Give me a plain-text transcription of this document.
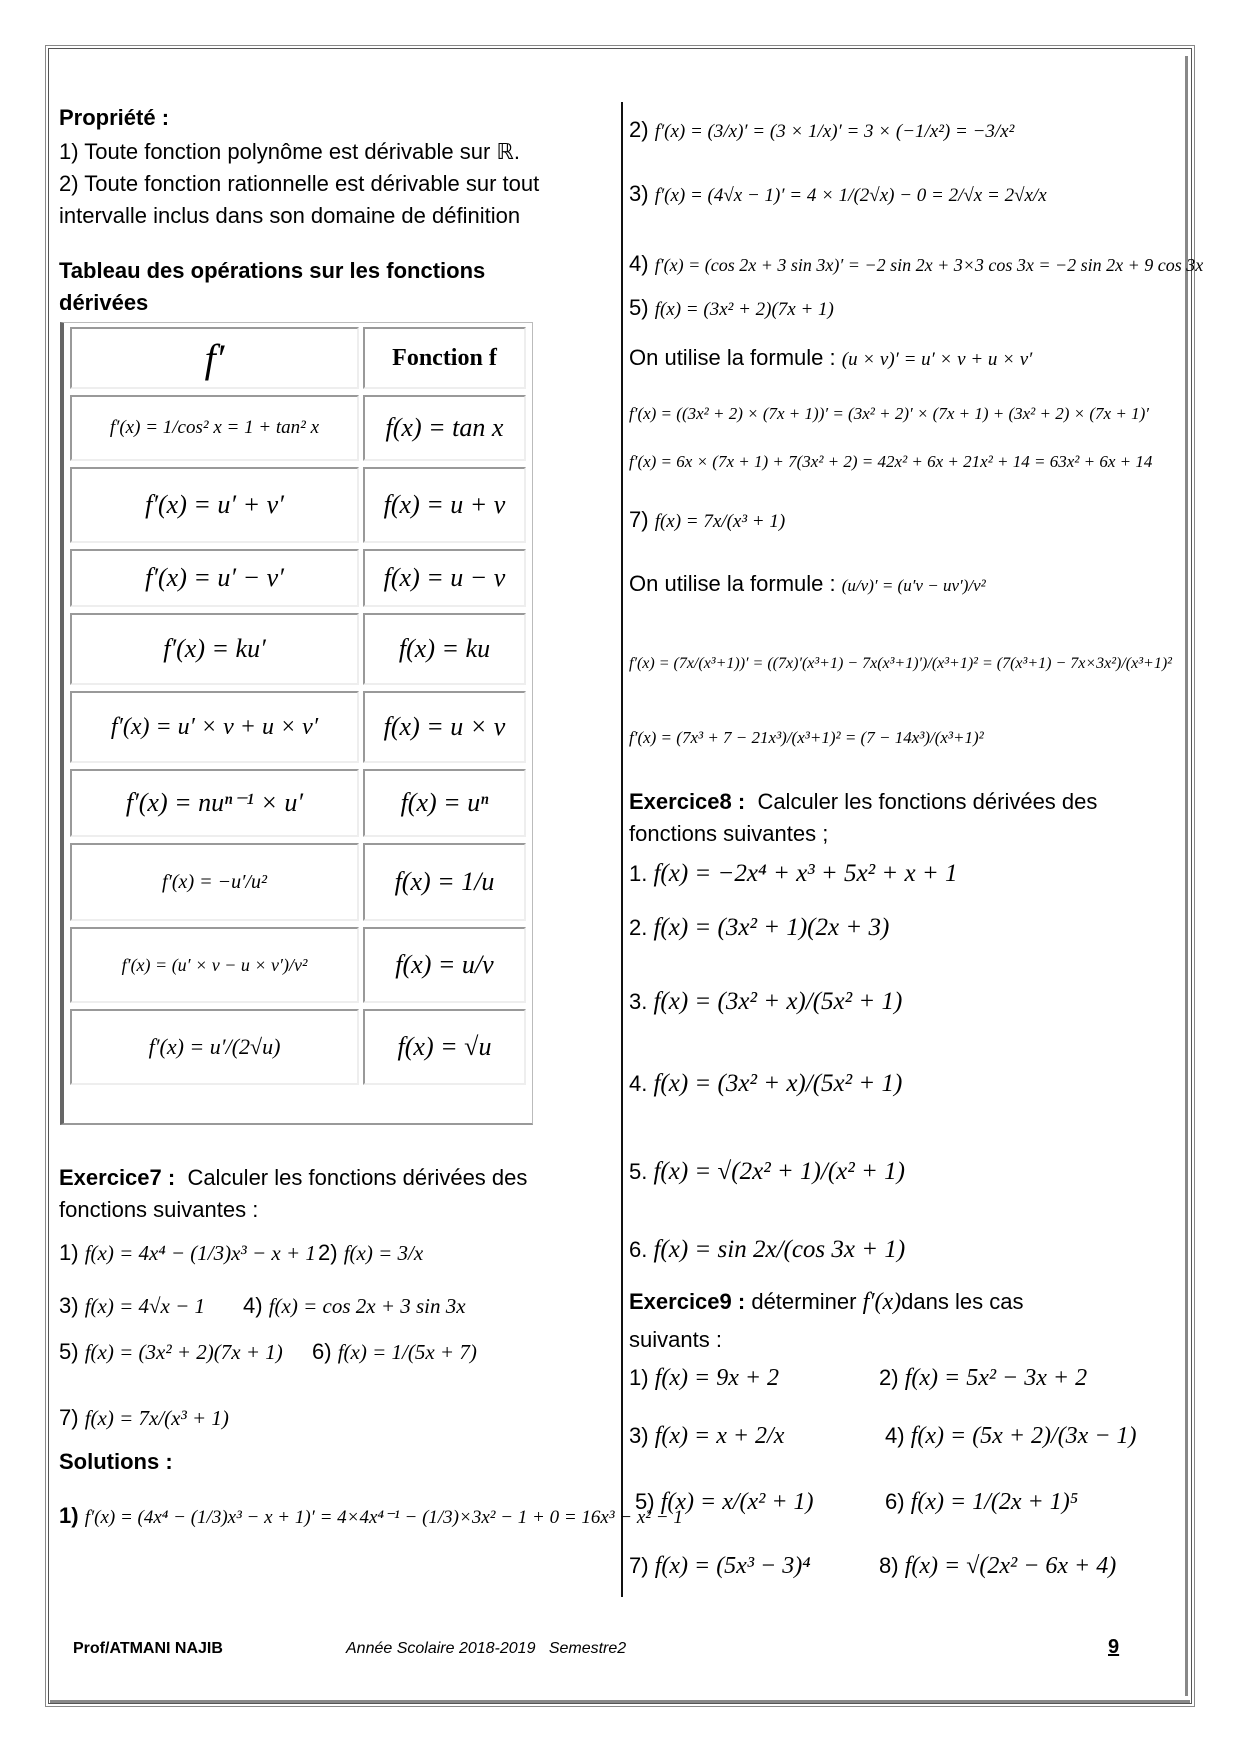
Propriété :
1) Toute fonction polynôme est dérivable sur ℝ.
2) Toute fonction rationnelle est dérivable sur tout
intervalle inclus dans son domaine de définition
Tableau des opérations sur les fonctions
dérivées
f′	Fonction f
f′(x) = 1/cos² x = 1 + tan² x	f(x) = tan x
f′(x) = u′ + v′	f(x) = u + v
f′(x) = u′ − v′	f(x) = u − v
f′(x) = ku′	f(x) = ku
f′(x) = u′ × v + u × v′	f(x) = u × v
f′(x) = nuⁿ⁻¹ × u′	f(x) = uⁿ
f′(x) = −u′/u²	f(x) = 1/u
f′(x) = (u′ × v − u × v′)/v²	f(x) = u/v
f′(x) = u′/(2√u)	f(x) = √u
Exercice7 : Calculer les fonctions dérivées des
fonctions suivantes :
1) f(x) = 4x⁴ − (1/3)x³ − x + 1 2) f(x) = 3/x
3) f(x) = 4√x − 1 4) f(x) = cos 2x + 3 sin 3x
5) f(x) = (3x² + 2)(7x + 1) 6) f(x) = 1/(5x + 7)
7) f(x) = 7x/(x³ + 1)
Solutions :
1) f′(x) = (4x⁴ − (1/3)x³ − x + 1)′ = 4×4x⁴⁻¹ − (1/3)×3x² − 1 + 0 = 16x³ − x² − 1
2) f′(x) = (3/x)′ = (3 × 1/x)′ = 3 × (−1/x²) = −3/x²
3) f′(x) = (4√x − 1)′ = 4 × 1/(2√x) − 0 = 2/√x = 2√x/x
4) f′(x) = (cos 2x + 3 sin 3x)′ = −2 sin 2x + 3×3 cos 3x = −2 sin 2x + 9 cos 3x
5) f(x) = (3x² + 2)(7x + 1)
On utilise la formule : (u × v)′ = u′ × v + u × v′
f′(x) = ((3x² + 2) × (7x + 1))′ = (3x² + 2)′ × (7x + 1) + (3x² + 2) × (7x + 1)′
f′(x) = 6x × (7x + 1) + 7(3x² + 2) = 42x² + 6x + 21x² + 14 = 63x² + 6x + 14
7) f(x) = 7x/(x³ + 1)
On utilise la formule : (u/v)′ = (u′v − uv′)/v²
f′(x) = (7x/(x³+1))′ = ((7x)′(x³+1) − 7x(x³+1)′)/(x³+1)² = (7(x³+1) − 7x×3x²)/(x³+1)²
f′(x) = (7x³ + 7 − 21x³)/(x³+1)² = (7 − 14x³)/(x³+1)²
Exercice8 : Calculer les fonctions dérivées des
fonctions suivantes ;
1. f(x) = −2x⁴ + x³ + 5x² + x + 1
2. f(x) = (3x² + 1)(2x + 3)
3. f(x) = (3x² + x)/(5x² + 1)
4. f(x) = (3x² + x)/(5x² + 1)
5. f(x) = √(2x² + 1)/(x² + 1)
6. f(x) = sin 2x/(cos 3x + 1)
Exercice9 : déterminer f′(x)dans les cas
suivants :
1) f(x) = 9x + 2	2) f(x) = 5x² − 3x + 2
3) f(x) = x + 2/x	4) f(x) = (5x + 2)/(3x − 1)
5) f(x) = x/(x² + 1)	6) f(x) = 1/(2x + 1)⁵
7) f(x) = (5x³ − 3)⁴	8) f(x) = √(2x² − 6x + 4)
Prof/ATMANI NAJIB	Année Scolaire 2018-2019   Semestre2	9
